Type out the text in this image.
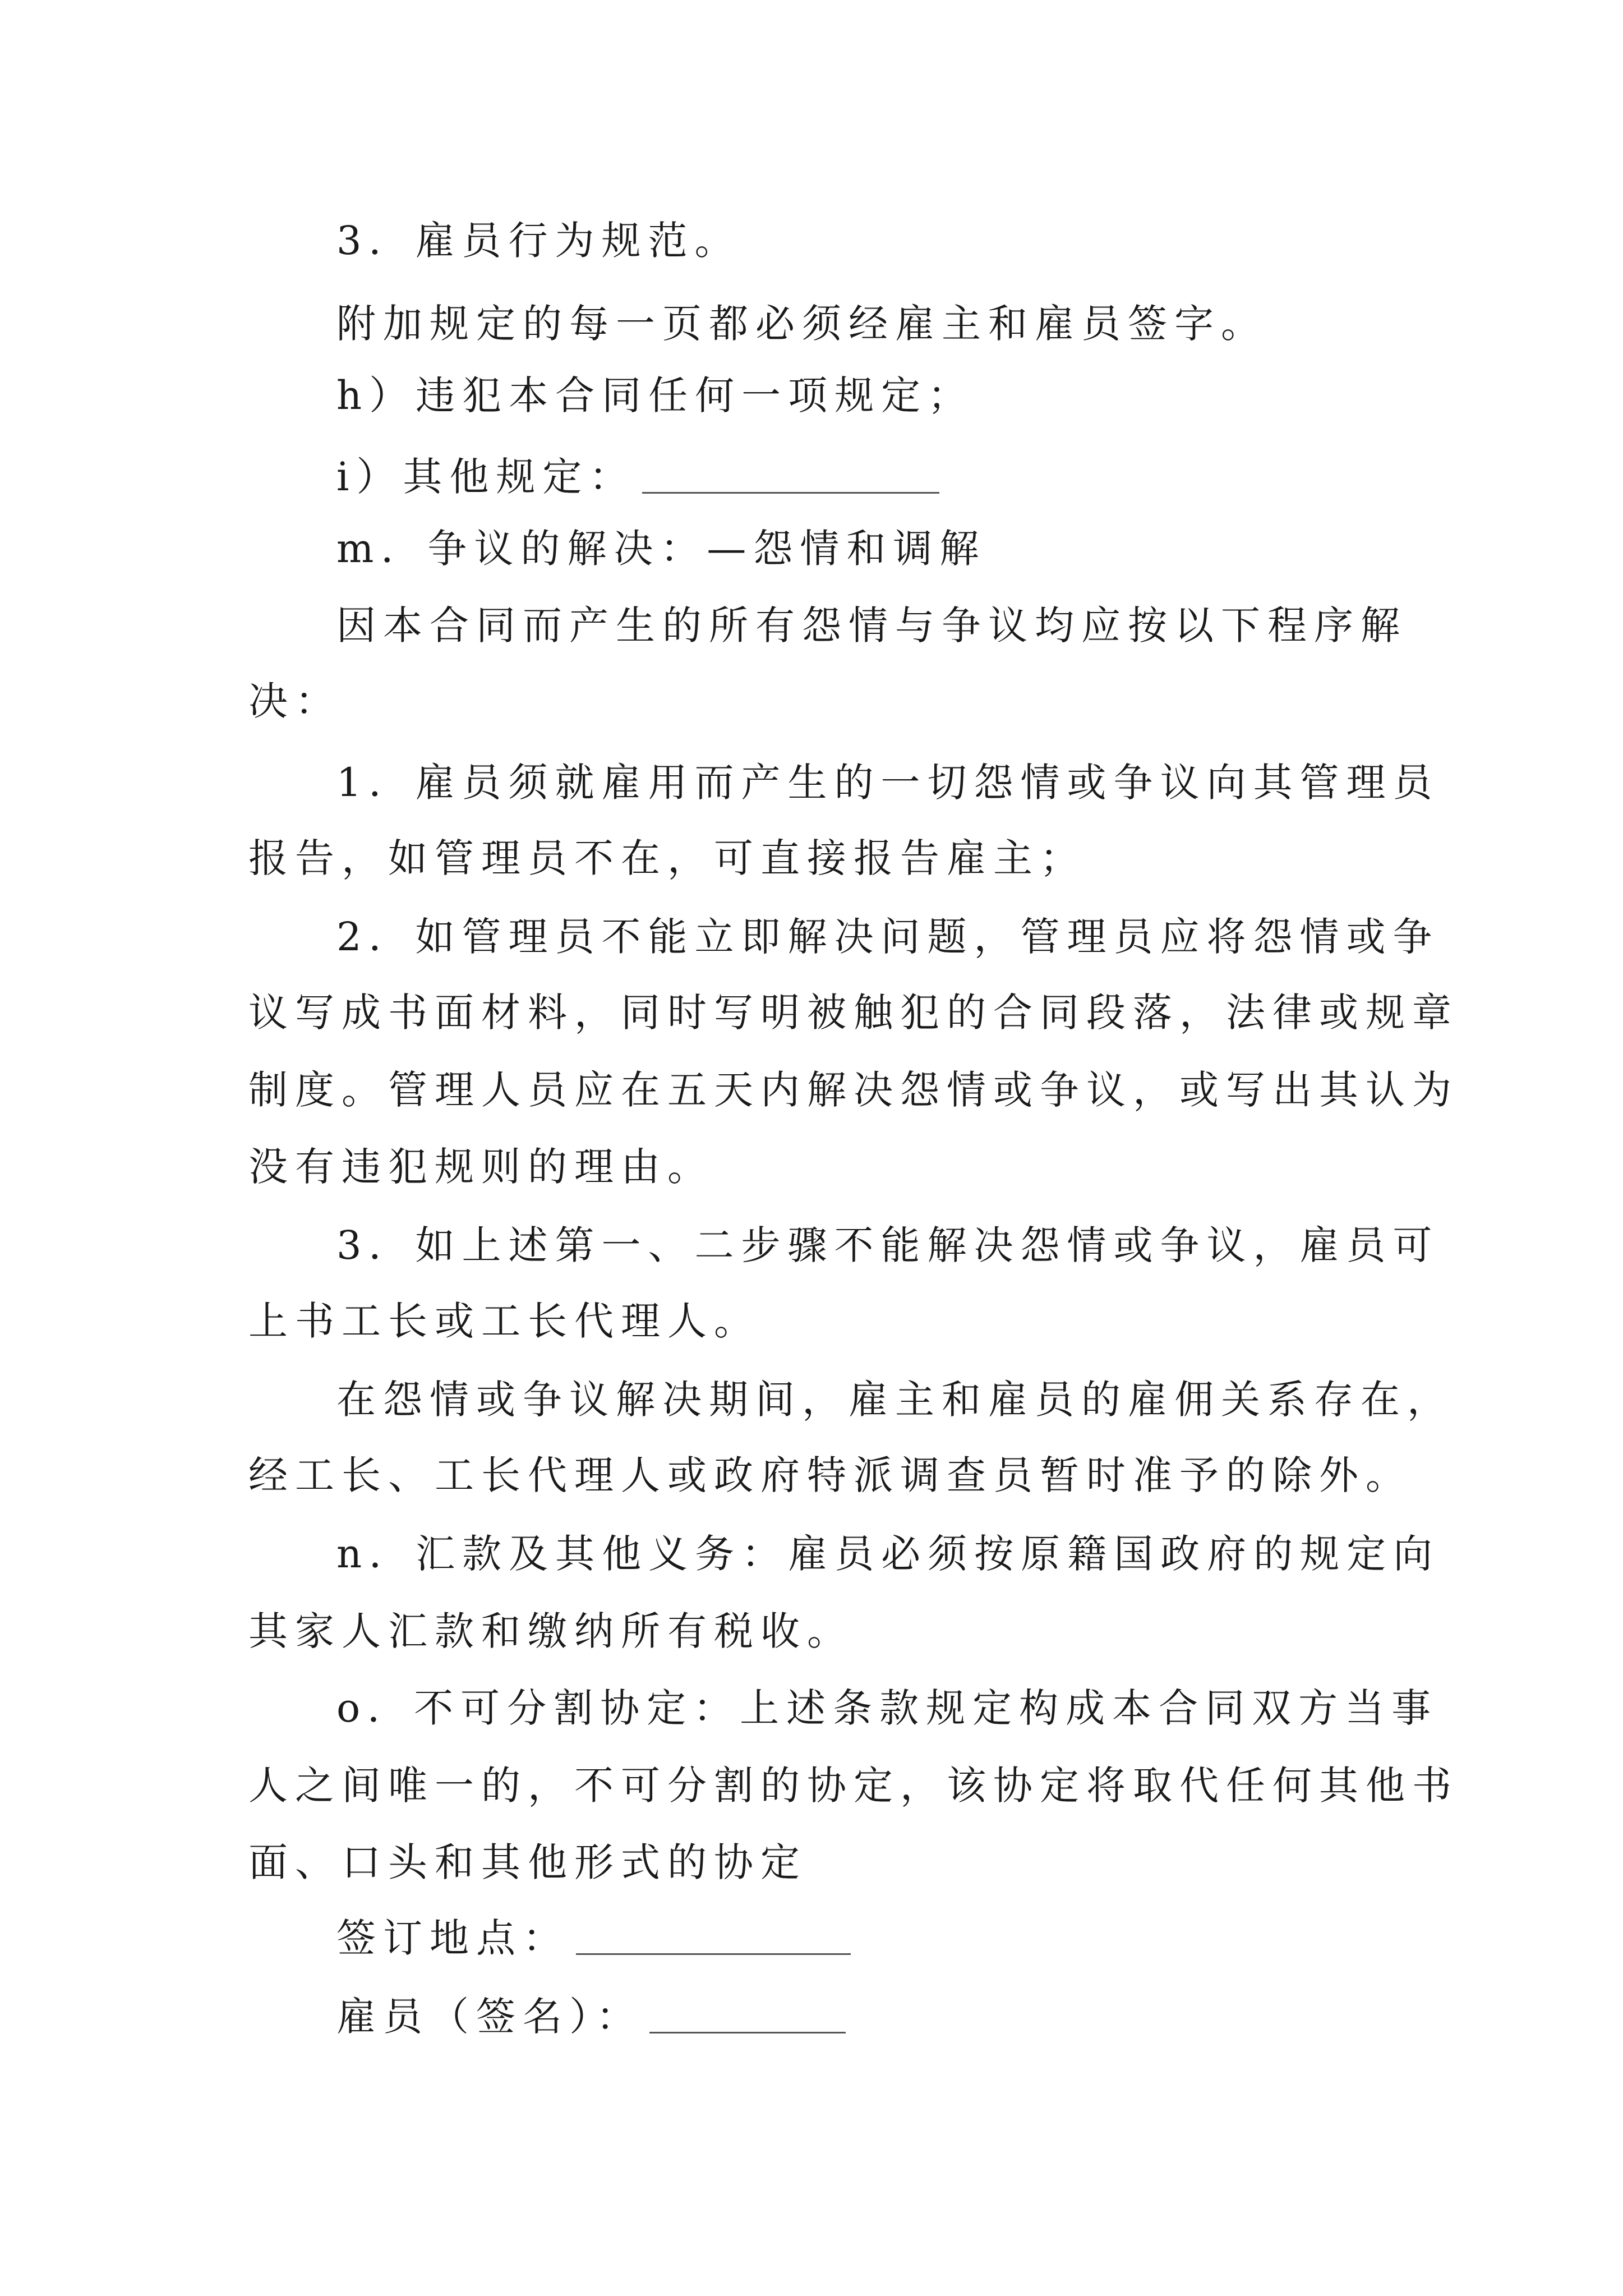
3．雇员行为规范。
附加规定的每一页都必须经雇主和雇员签字。
h）违犯本合同任何一项规定；
i）其他规定：
m．争议的解决：—怨情和调解
因本合同而产生的所有怨情与争议均应按以下程序解
决：
1．雇员须就雇用而产生的一切怨情或争议向其管理员
报告，如管理员不在，可直接报告雇主；
2．如管理员不能立即解决问题，管理员应将怨情或争
议写成书面材料，同时写明被触犯的合同段落，法律或规章
制度。管理人员应在五天内解决怨情或争议，或写出其认为
没有违犯规则的理由。
3．如上述第一、二步骤不能解决怨情或争议，雇员可
上书工长或工长代理人。
在怨情或争议解决期间，雇主和雇员的雇佣关系存在，
经工长、工长代理人或政府特派调查员暂时准予的除外。
n．汇款及其他义务：雇员必须按原籍国政府的规定向
其家人汇款和缴纳所有税收。
o．不可分割协定：上述条款规定构成本合同双方当事
人之间唯一的，不可分割的协定，该协定将取代任何其他书
面、口头和其他形式的协定
签订地点：
雇员（签名）：
